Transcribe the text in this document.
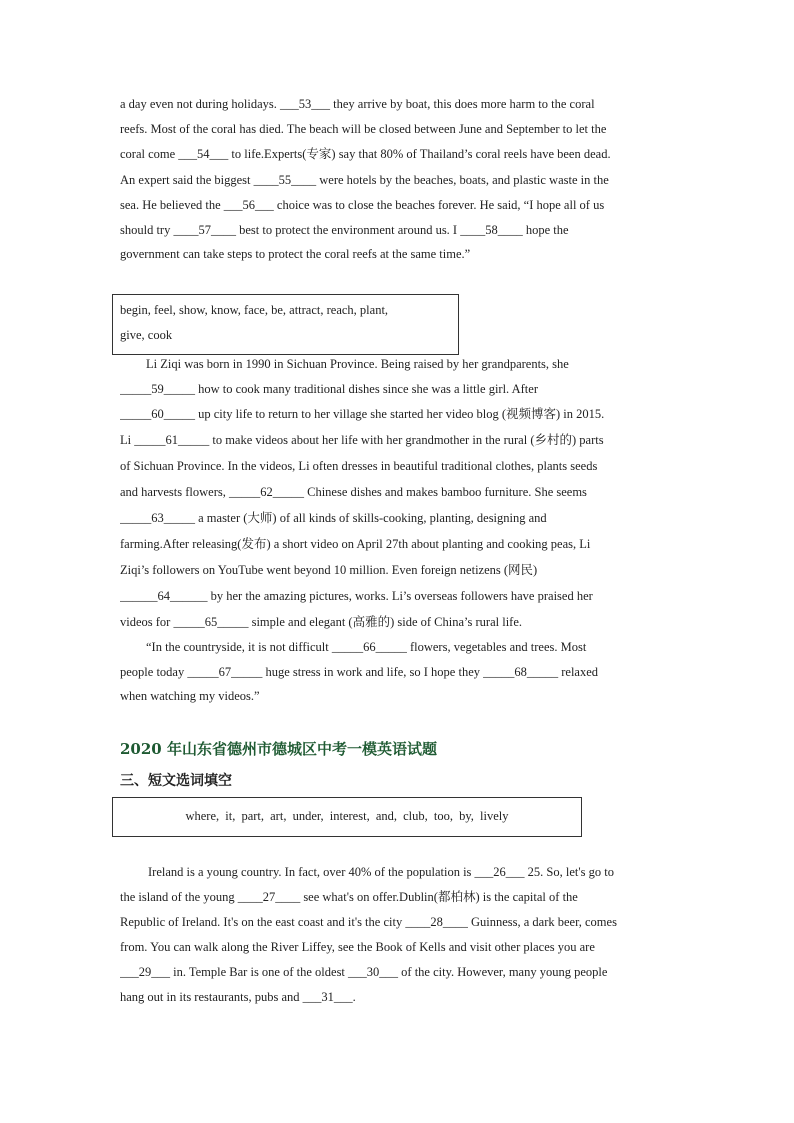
a day even not during holidays. ___53___ they arrive by boat, this does more harm to the coral
reefs. Most of the coral has died. The beach will be closed between June and September to let the
coral come ___54___ to life.Experts(专家) say that 80% of Thailand’s coral reels have been dead.
An expert said the biggest ____55____ were hotels by the beaches, boats, and plastic waste in the
sea. He believed the ___56___ choice was to close the beaches forever. He said, “I hope all of us
should try ____57____ best to protect the environment around us. I ____58____ hope the
government can take steps to protect the coral reefs at the same time.”
begin, feel, show, know, face, be, attract, reach, plant,
give, cook
Li Ziqi was born in 1990 in Sichuan Province. Being raised by her grandparents, she
_____59_____ how to cook many traditional dishes since she was a little girl. After
_____60_____ up city life to return to her village she started her video blog (视频博客) in 2015.
Li _____61_____ to make videos about her life with her grandmother in the rural (乡村的) parts
of Sichuan Province. In the videos, Li often dresses in beautiful traditional clothes, plants seeds
and harvests flowers, _____62_____ Chinese dishes and makes bamboo furniture. She seems
_____63_____ a master (大师) of all kinds of skills-cooking, planting, designing and
farming.After releasing(发布) a short video on April 27th about planting and cooking peas, Li
Ziqi’s followers on YouTube went beyond 10 million. Even foreign netizens (网民)
______64______ by her the amazing pictures, works. Li’s overseas followers have praised her
videos for _____65_____ simple and elegant (高雅的) side of China’s rural life.
“In the countryside, it is not difficult _____66_____ flowers, vegetables and trees. Most
people today _____67_____ huge stress in work and life, so I hope they _____68_____ relaxed
when watching my videos.”
2020 年山东省德州市德城区中考一模英语试题
三、短文选词填空
where, it, part, art, under, interest, and, club, too, by, lively
Ireland is a young country. In fact, over 40% of the population is ___26___ 25. So, let's go to
the island of the young ____27____ see what's on offer.Dublin(都柏林) is the capital of the
Republic of Ireland. It's on the east coast and it's the city ____28____ Guinness, a dark beer, comes
from. You can walk along the River Liffey, see the Book of Kells and visit other places you are
___29___ in. Temple Bar is one of the oldest ___30___ of the city. However, many young people
hang out in its restaurants, pubs and ___31___.
